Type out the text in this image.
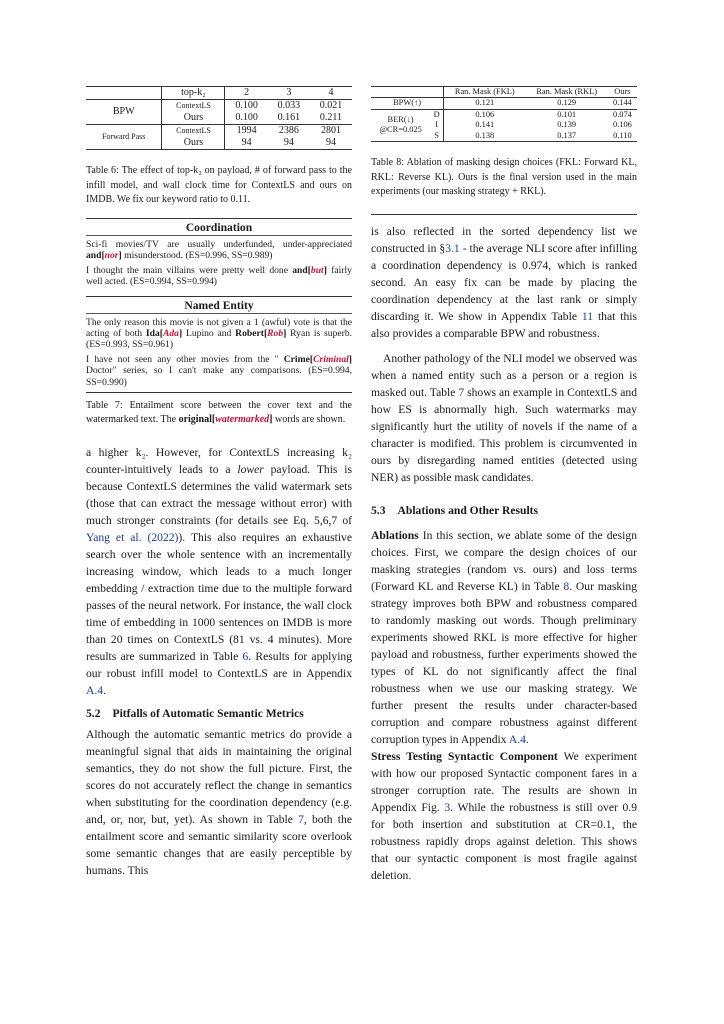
		top-k₂	2	3	4
BPW		ContextLS	0.100	0.033	0.021
		Ours	0.100	0.161	0.211
Forward Pass		ContextLS	1994	2386	2801
		Ours	94	94	94
Table 6: The effect of top-k₂ on payload, # of forward pass to the infill model, and wall clock time for ContextLS and ours on IMDB. We fix our keyword ratio to 0.11.
Coordination
Sci-fi movies/TV are usually underfunded, under-appreciated and[nor] misunderstood. (ES=0.996, SS=0.989)
I thought the main villains were pretty well done and[but] fairly well acted. (ES=0.994, SS=0.994)
Named Entity
The only reason this movie is not given a 1 (awful) vote is that the acting of both Ida[Ada] Lupino and Robert[Rob] Ryan is superb. (ES=0.993, SS=0.961)
I have not seen any other movies from the " Crime[Criminal] Doctor" series, so I can't make any comparisons. (ES=0.994, SS=0.990)
Table 7: Entailment score between the cover text and the watermarked text. The original[watermarked] words are shown.

a higher k₂. However, for ContextLS increasing k₂ counter-intuitively leads to a lower payload. This is because ContextLS determines the valid watermark sets (those that can extract the message without error) with much stronger constraints (for details see Eq. 5,6,7 of Yang et al. (2022)). This also requires an exhaustive search over the whole sentence with an incrementally increasing window, which leads to a much longer embedding / extraction time due to the multiple forward passes of the neural network. For instance, the wall clock time of embedding in 1000 sentences on IMDB is more than 20 times on ContextLS (81 vs. 4 minutes). More results are summarized in Table 6. Results for applying our robust infill model to ContextLS are in Appendix A.4.

5.2 Pitfalls of Automatic Semantic Metrics

Although the automatic semantic metrics do provide a meaningful signal that aids in maintaining the original semantics, they do not show the full picture. First, the scores do not accurately reflect the change in semantics when substituting for the coordination dependency (e.g. and, or, nor, but, yet). As shown in Table 7, both the entailment score and semantic similarity score overlook some semantic changes that are easily perceptible by humans. This

		Ran. Mask (FKL)	Ran. Mask (RKL)	Ours
BPW(↑)		0.121	0.129	0.144

BER(↓)
@CR=0.025	D	0.106	0.101	0.074
	I	0.141	0.139	0.106
	S	0.138	0.137	0.110
Table 8: Ablation of masking design choices (FKL: Forward KL, RKL: Reverse KL). Ours is the final version used in the main experiments (our masking strategy + RKL).

is also reflected in the sorted dependency list we constructed in §3.1 - the average NLI score after infilling a coordination dependency is 0.974, which is ranked second. An easy fix can be made by placing the coordination dependency at the last rank or simply discarding it. We show in Appendix Table 11 that this also provides a comparable BPW and robustness.

Another pathology of the NLI model we observed was when a named entity such as a person or a region is masked out. Table 7 shows an example in ContextLS and how ES is abnormally high. Such watermarks may significantly hurt the utility of novels if the name of a character is modified. This problem is circumvented in ours by disregarding named entities (detected using NER) as possible mask candidates.

5.3 Ablations and Other Results

Ablations In this section, we ablate some of the design choices. First, we compare the design choices of our masking strategies (random vs. ours) and loss terms (Forward KL and Reverse KL) in Table 8. Our masking strategy improves both BPW and robustness compared to randomly masking out words. Though preliminary experiments showed RKL is more effective for higher payload and robustness, further experiments showed the types of KL do not significantly affect the final robustness when we use our masking strategy. We further present the results under character-based corruption and compare robustness against different corruption types in Appendix A.4.

Stress Testing Syntactic Component We experiment with how our proposed Syntactic component fares in a stronger corruption rate. The results are shown in Appendix Fig. 3. While the robustness is still over 0.9 for both insertion and substitution at CR=0.1, the robustness rapidly drops against deletion. This shows that our syntactic component is most fragile against deletion.
